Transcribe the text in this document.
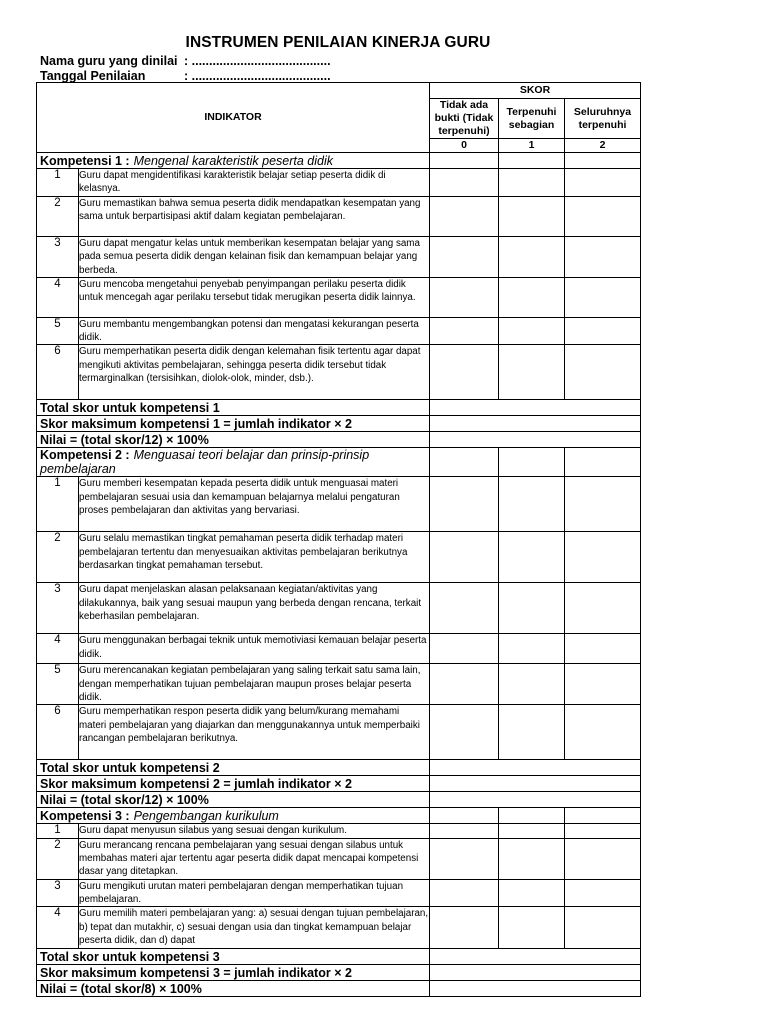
INSTRUMEN PENILAIAN KINERJA GURU
Nama guru yang dinilai : ........................................
Tanggal Penilaian	: ........................................
INDIKATOR		SKOR		
		Tidak ada bukti (Tidak terpenuhi)	Terpenuhi sebagian	Seluruhnya terpenuhi
		0	1	2
Kompetensi 1 : Mengenal karakteristik peserta didik				
1	Guru dapat mengidentifikasi karakteristik belajar setiap peserta didik di kelasnya.			
2	Guru memastikan bahwa semua peserta didik mendapatkan kesempatan yang sama untuk berpartisipasi aktif dalam kegiatan pembelajaran.			
3	Guru dapat mengatur kelas untuk memberikan kesempatan belajar yang sama pada semua peserta didik dengan kelainan fisik dan kemampuan belajar yang berbeda.			
4	Guru mencoba mengetahui penyebab penyimpangan perilaku peserta didik untuk mencegah agar perilaku tersebut tidak merugikan peserta didik lainnya.			
5	Guru membantu mengembangkan potensi dan mengatasi kekurangan peserta didik.			
6	Guru memperhatikan peserta didik dengan kelemahan fisik tertentu agar dapat mengikuti aktivitas pembelajaran, sehingga peserta didik tersebut tidak termarginalkan (tersisihkan, diolok-olok, minder, dsb.).			
Total skor untuk kompetensi 1				
Skor maksimum kompetensi 1 = jumlah indikator × 2				
Nilai = (total skor/12) × 100%				
Kompetensi 2 : Menguasai teori belajar dan prinsip-prinsip pembelajaran				
1	Guru memberi kesempatan kepada peserta didik untuk menguasai materi pembelajaran sesuai usia dan kemampuan belajarnya melalui pengaturan proses pembelajaran dan aktivitas yang bervariasi.			
2	Guru selalu memastikan tingkat pemahaman peserta didik terhadap materi pembelajaran tertentu dan menyesuaikan aktivitas pembelajaran berikutnya berdasarkan tingkat pemahaman tersebut.			
3	Guru dapat menjelaskan alasan pelaksanaan kegiatan/aktivitas yang dilakukannya, baik yang sesuai maupun yang berbeda dengan rencana, terkait keberhasilan pembelajaran.			
4	Guru menggunakan berbagai teknik untuk memotiviasi kemauan belajar peserta didik.			
5	Guru merencanakan kegiatan pembelajaran yang saling terkait satu sama lain, dengan memperhatikan tujuan pembelajaran maupun proses belajar peserta didik.			
6	Guru memperhatikan respon peserta didik yang belum/kurang memahami materi pembelajaran yang diajarkan dan menggunakannya untuk memperbaiki rancangan pembelajaran berikutnya.			
Total skor untuk kompetensi 2				
Skor maksimum kompetensi 2 = jumlah indikator × 2				
Nilai = (total skor/12) × 100%				
Kompetensi 3 : Pengembangan kurikulum				
1	Guru dapat menyusun silabus yang sesuai dengan kurikulum.			
2	Guru merancang rencana pembelajaran yang sesuai dengan silabus untuk membahas materi ajar tertentu agar peserta didik dapat mencapai kompetensi dasar yang ditetapkan.			
3	Guru mengikuti urutan materi pembelajaran dengan memperhatikan tujuan pembelajaran.			
4	Guru memilih materi pembelajaran yang: a) sesuai dengan tujuan pembelajaran, b) tepat dan mutakhir, c) sesuai dengan usia dan tingkat kemampuan belajar peserta didik, dan d) dapat			
Total skor untuk kompetensi 3				
Skor maksimum kompetensi 3 = jumlah indikator × 2				
Nilai = (total skor/8) × 100%				
